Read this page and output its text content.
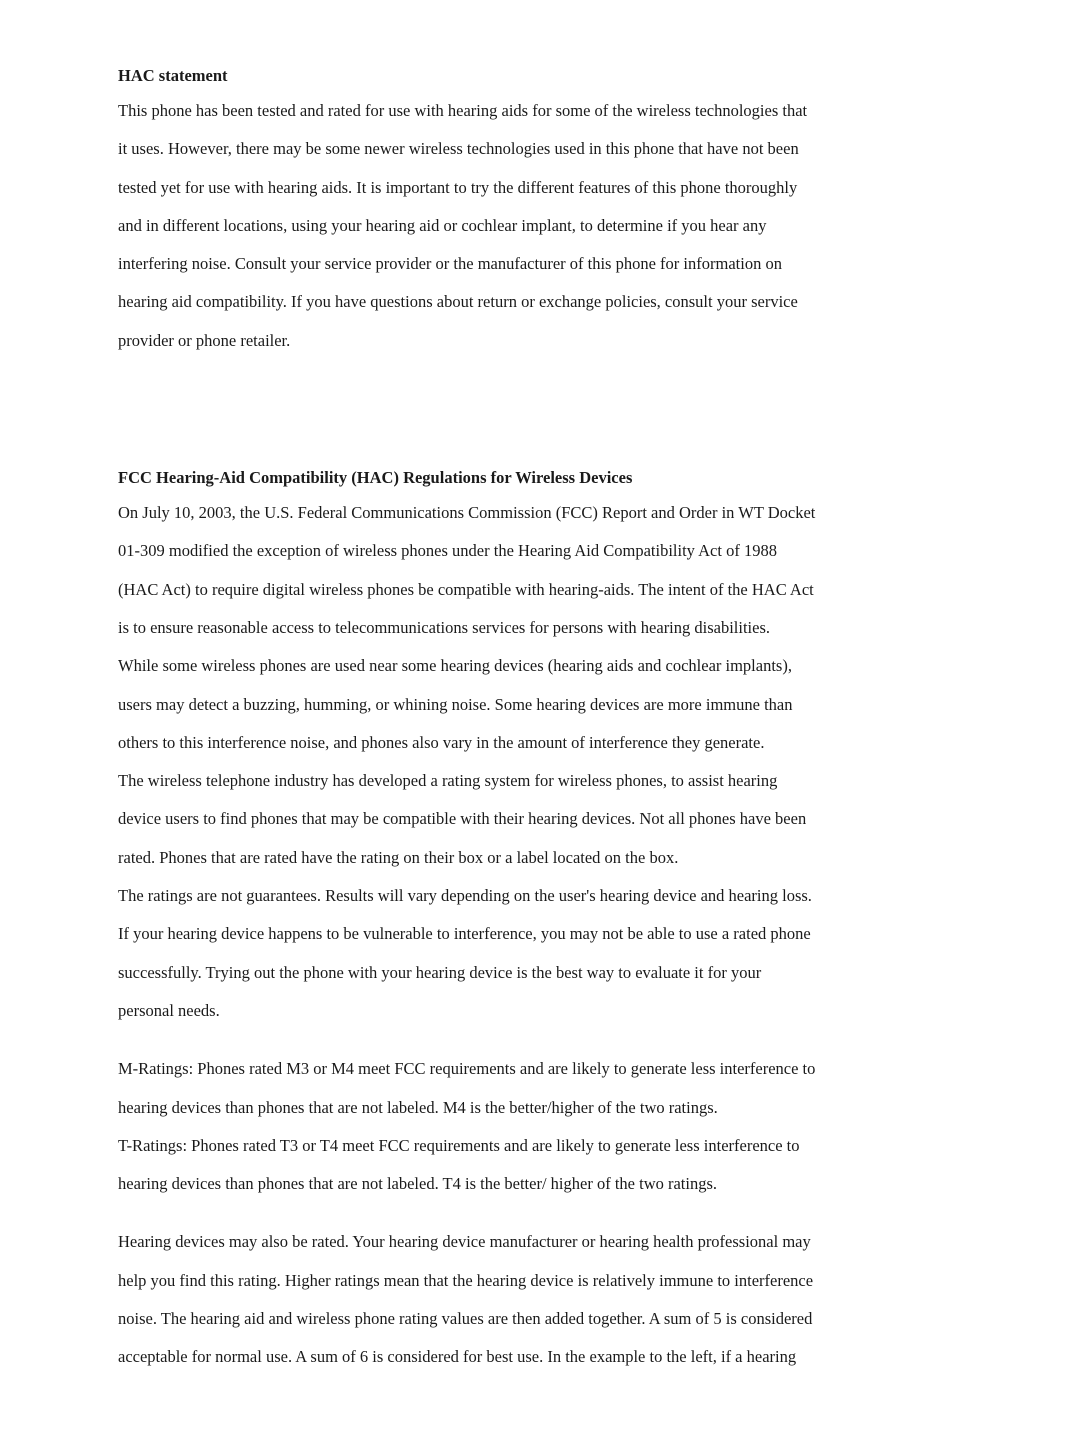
HAC statement
This phone has been tested and rated for use with hearing aids for some of the wireless technologies that
it uses. However, there may be some newer wireless technologies used in this phone that have not been
tested yet for use with hearing aids. It is important to try the different features of this phone thoroughly
and in different locations, using your hearing aid or cochlear implant, to determine if you hear any
interfering noise. Consult your service provider or the manufacturer of this phone for information on
hearing aid compatibility. If you have questions about return or exchange policies, consult your service
provider or phone retailer.
FCC Hearing-Aid Compatibility (HAC) Regulations for Wireless Devices
On July 10, 2003, the U.S. Federal Communications Commission (FCC) Report and Order in WT Docket
01-309 modified the exception of wireless phones under the Hearing Aid Compatibility Act of 1988
(HAC Act) to require digital wireless phones be compatible with hearing-aids. The intent of the HAC Act
is to ensure reasonable access to telecommunications services for persons with hearing disabilities.
While some wireless phones are used near some hearing devices (hearing aids and cochlear implants),
users may detect a buzzing, humming, or whining noise. Some hearing devices are more immune than
others to this interference noise, and phones also vary in the amount of interference they generate.
The wireless telephone industry has developed a rating system for wireless phones, to assist hearing
device users to find phones that may be compatible with their hearing devices. Not all phones have been
rated. Phones that are rated have the rating on their box or a label located on the box.
The ratings are not guarantees. Results will vary depending on the user's hearing device and hearing loss.
If your hearing device happens to be vulnerable to interference, you may not be able to use a rated phone
successfully. Trying out the phone with your hearing device is the best way to evaluate it for your
personal needs.
M-Ratings: Phones rated M3 or M4 meet FCC requirements and are likely to generate less interference to
hearing devices than phones that are not labeled. M4 is the better/higher of the two ratings.
T-Ratings: Phones rated T3 or T4 meet FCC requirements and are likely to generate less interference to
hearing devices than phones that are not labeled. T4 is the better/ higher of the two ratings.
Hearing devices may also be rated. Your hearing device manufacturer or hearing health professional may
help you find this rating. Higher ratings mean that the hearing device is relatively immune to interference
noise. The hearing aid and wireless phone rating values are then added together. A sum of 5 is considered
acceptable for normal use. A sum of 6 is considered for best use. In the example to the left, if a hearing
